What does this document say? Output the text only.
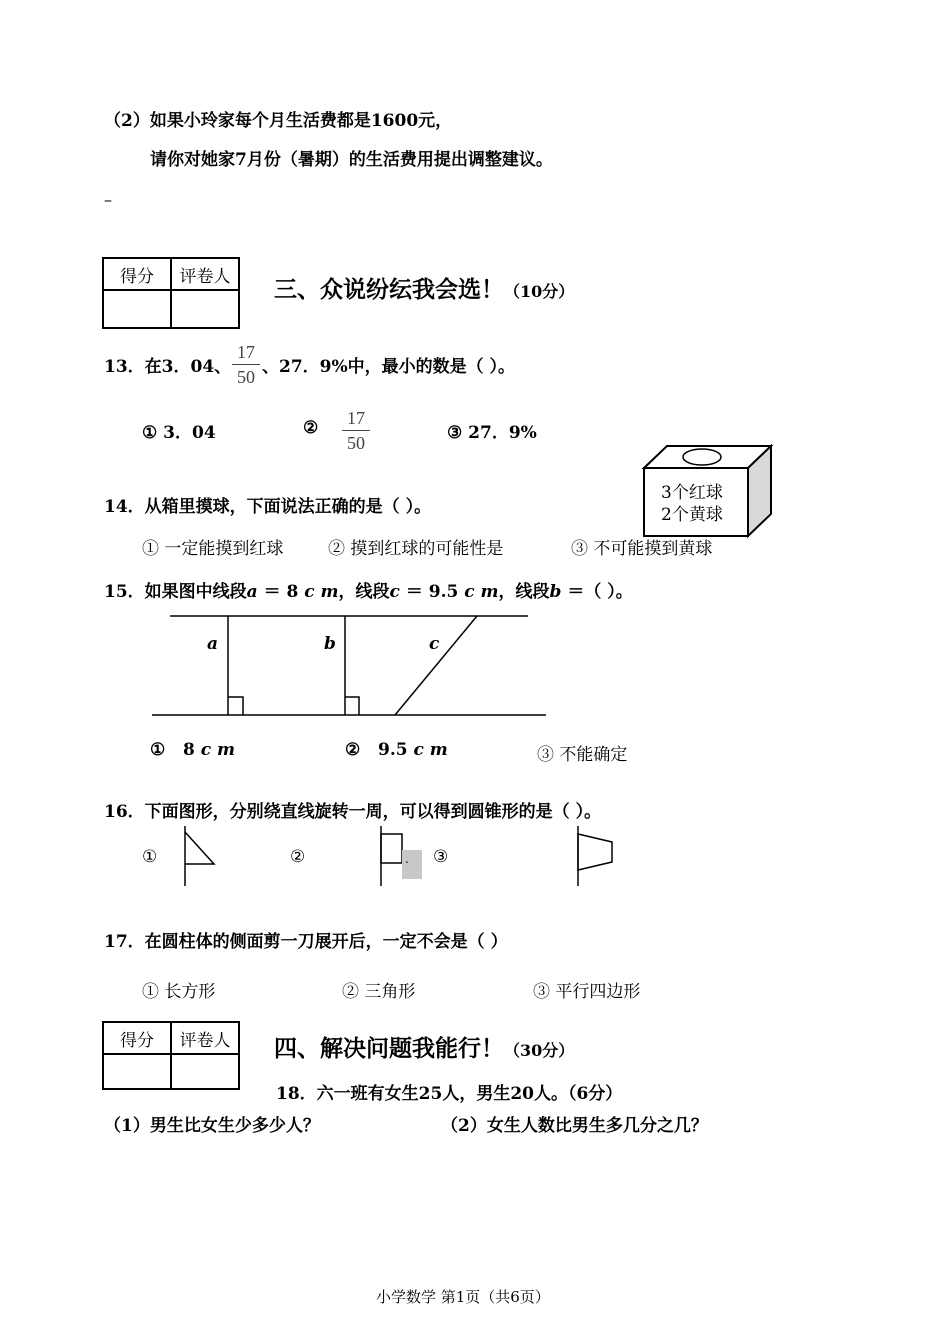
（2）如果小玲家每个月生活费都是1600元，
请你对她家7月份（暑期）的生活费用提出调整建议。
–
得分	评卷人
	三、众说纷纭我会选！（10分）
13．在3．04、
17
50 、27．9%中，最小的数是（ ）。
① 3．04	② 17
50	③ 27．9%
14．从箱里摸球，下面说法正确的是（ ）。
3个红球
2个黄球
① 一定能摸到红球	② 摸到红球的可能性是	③ 不可能摸到黄球
15．如果图中线段a ＝ 8 c m，线段c ＝ 9.5 c m，线段b ＝（ ）。
a	b	c
① 8 c m	② 9.5 c m	③ 不能确定
16．下面图形，分别绕直线旋转一周，可以得到圆锥形的是（ ）。
①	②	. ③
17．在圆柱体的侧面剪一刀展开后，一定不会是（ ）
① 长方形	② 三角形	③ 平行四边形
得分	评卷人
	四、解决问题我能行！（30分）
18．六一班有女生25人，男生20人。（6分）
（1）男生比女生少多少人？	（2）女生人数比男生多几分之几？
小学数学 第1页（共6页）
